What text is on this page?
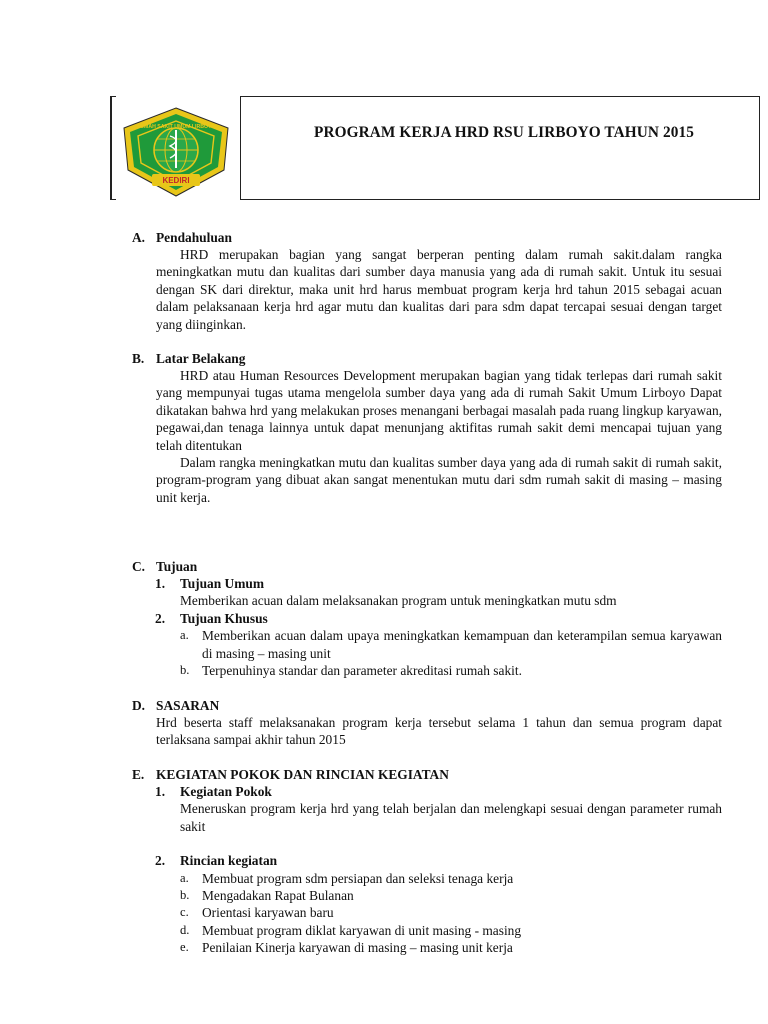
KEDIRI
RUMAH SAKIT UMUM LIRBOYO	PROGRAM KERJA HRD RSU LIRBOYO TAHUN 2015
A. Pendahuluan

HRD merupakan bagian yang sangat berperan penting dalam rumah sakit.dalam rangka meningkatkan mutu dan kualitas dari sumber daya manusia yang ada di rumah sakit. Untuk itu sesuai dengan SK dari direktur, maka unit hrd harus membuat program kerja hrd tahun 2015 sebagai acuan dalam pelaksanaan kerja hrd agar mutu dan kualitas dari para sdm dapat tercapai sesuai dengan target yang diinginkan.

B. Latar Belakang

HRD atau Human Resources Development merupakan bagian yang tidak terlepas dari rumah sakit yang mempunyai tugas utama mengelola sumber daya yang ada di rumah Sakit Umum Lirboyo Dapat dikatakan bahwa hrd yang melakukan proses menangani berbagai masalah pada ruang lingkup karyawan, pegawai,dan tenaga lainnya untuk dapat menunjang aktifitas rumah sakit demi mencapai tujuan yang telah ditentukan

Dalam rangka meningkatkan mutu dan kualitas sumber daya yang ada di rumah sakit di rumah sakit, program-program yang dibuat akan sangat menentukan mutu dari sdm rumah sakit di masing – masing unit kerja.

C. Tujuan
1.	Tujuan Umum

Memberikan acuan dalam melaksanakan program untuk meningkatkan mutu sdm

2.	Tujuan Khusus
a. Memberikan acuan dalam upaya meningkatkan kemampuan dan keterampilan semua karyawan di masing – masing unit
b. Terpenuhinya standar dan parameter akreditasi rumah sakit.
D. SASARAN

Hrd beserta staff melaksanakan program kerja tersebut selama 1 tahun dan semua program dapat terlaksana sampai akhir tahun 2015

E. KEGIATAN POKOK DAN RINCIAN KEGIATAN
1.	Kegiatan Pokok

Meneruskan program kerja hrd yang telah berjalan dan melengkapi sesuai dengan parameter rumah sakit

2.	Rincian kegiatan
a. Membuat program sdm persiapan dan seleksi tenaga kerja
b. Mengadakan Rapat Bulanan
c. Orientasi karyawan baru
d. Membuat program diklat karyawan di unit masing - masing
e. Penilaian Kinerja karyawan di masing – masing unit kerja
